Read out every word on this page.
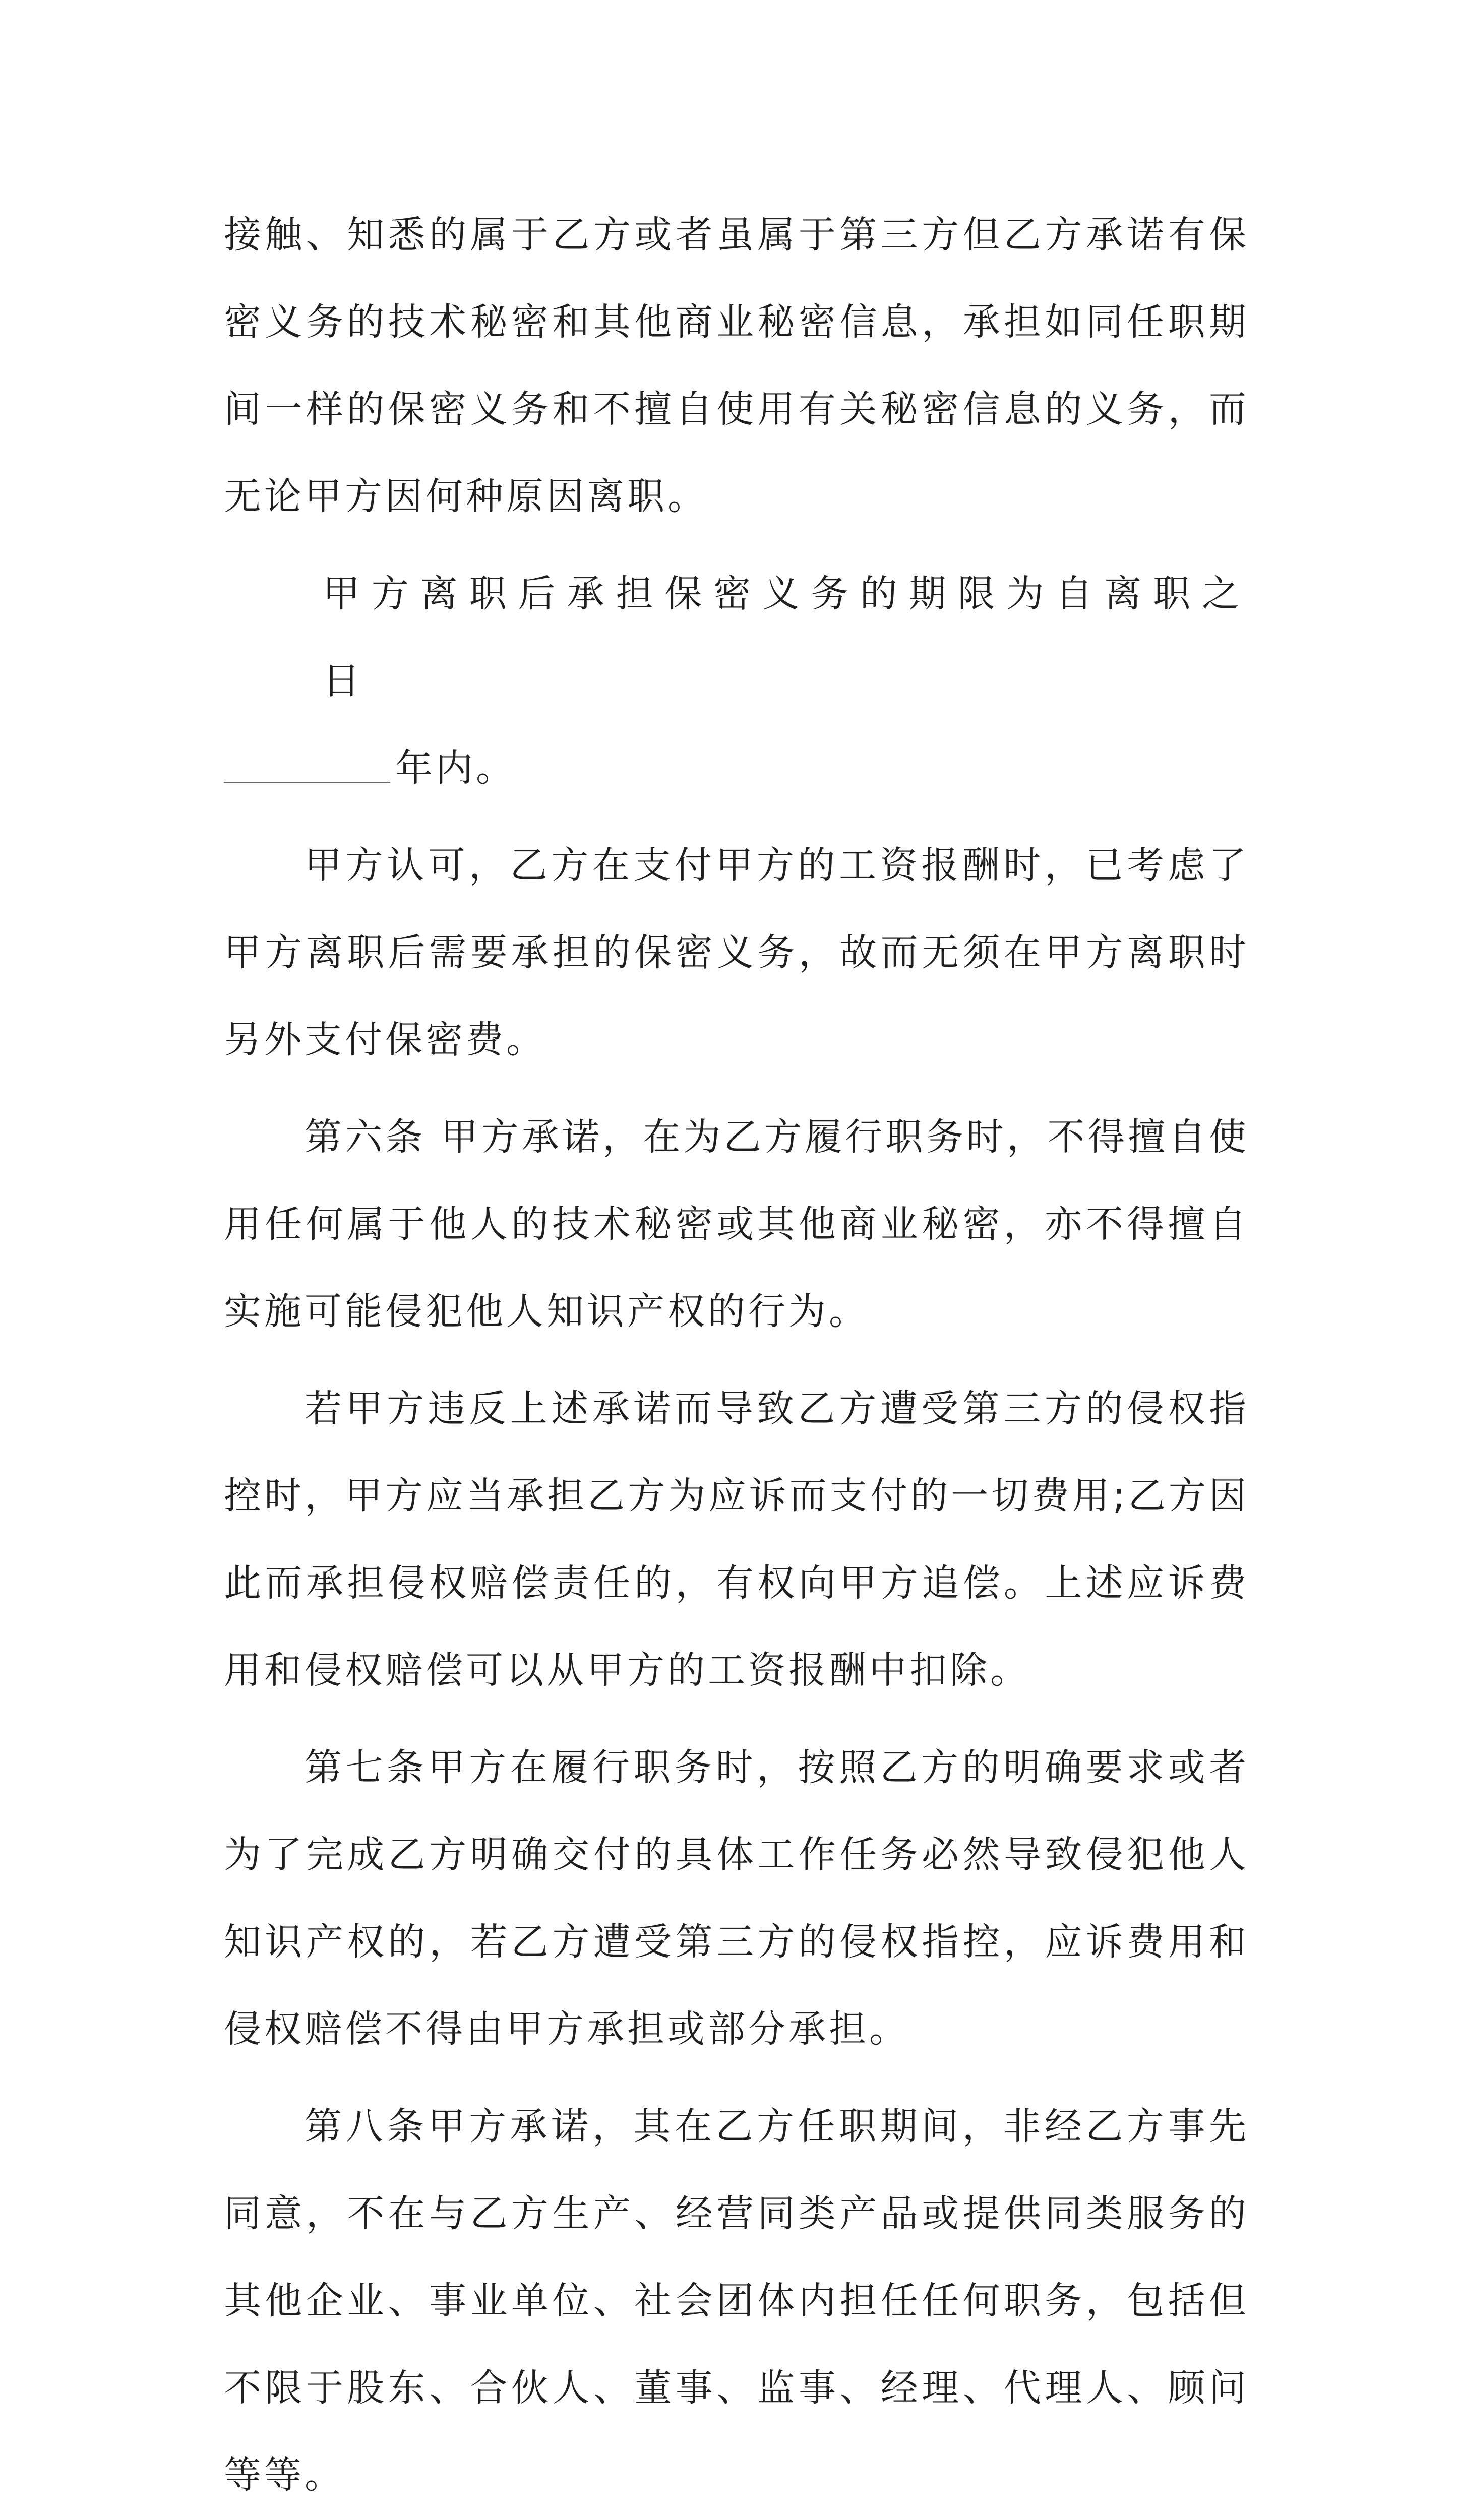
接触、知悉的属于乙方或者虽属于第三方但乙方承诺有保密义务的技术秘密和其他商业秘密信息，承担如同任职期间一样的保密义务和不擅自使用有关秘密信息的义务，而无论甲方因何种原因离职。

甲方离职后承担保密义务的期限为自离职之日

年内。

甲方认可，乙方在支付甲方的工资报酬时，已考虑了甲方离职后需要承担的保密义务，故而无须在甲方离职时另外支付保密费。

第六条 甲方承诺，在为乙方履行职务时，不得擅自使用任何属于他人的技术秘密或其他商业秘密，亦不得擅自实施可能侵犯他人知识产权的行为。

若甲方违反上述承诺而导致乙方遭受第三方的侵权指控时，甲方应当承担乙方为应诉而支付的一切费用;乙方因此而承担侵权赔偿责任的，有权向甲方追偿。上述应诉费用和侵权赔偿可以从甲方的工资报酬中扣除。

第七条甲方在履行职务时，按照乙方的明确要求或者为了完成乙方明确交付的具体工作任务必然导致侵犯他人知识产权的，若乙方遭受第三方的侵权指控，应诉费用和侵权赔偿不得由甲方承担或部分承担。

第八条甲方承诺，其在乙方任职期间，非经乙方事先同意，不在与乙方生产、经营同类产品或提供同类服务的其他企业、事业单位、社会团体内担任任何职务，包括但不限于股东、合伙人、董事、监事、经理、代理人、顾问等等。
